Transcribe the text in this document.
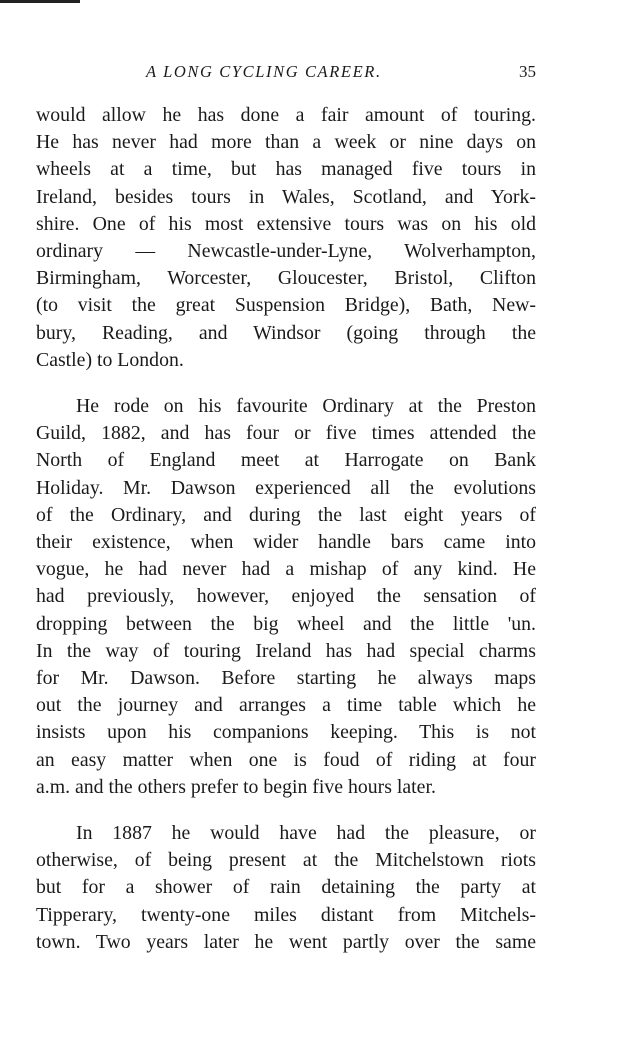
A LONG CYCLING CAREER.	35

would allow he has done a fair amount of touring.
He has never had more than a week or nine days on
wheels at a time, but has managed five tours in
Ireland, besides tours in Wales, Scotland, and York-
shire. One of his most extensive tours was on his old
ordinary — Newcastle-under-Lyne, Wolverhampton,
Birmingham, Worcester, Gloucester, Bristol, Clifton
(to visit the great Suspension Bridge), Bath, New-
bury, Reading, and Windsor (going through the
Castle) to London.

He rode on his favourite Ordinary at the Preston
Guild, 1882, and has four or five times attended the
North of England meet at Harrogate on Bank
Holiday. Mr. Dawson experienced all the evolutions
of the Ordinary, and during the last eight years of
their existence, when wider handle bars came into
vogue, he had never had a mishap of any kind. He
had previously, however, enjoyed the sensation of
dropping between the big wheel and the little 'un.
In the way of touring Ireland has had special charms
for Mr. Dawson. Before starting he always maps
out the journey and arranges a time table which he
insists upon his companions keeping. This is not
an easy matter when one is foud of riding at four
a.m. and the others prefer to begin five hours later.

In 1887 he would have had the pleasure, or
otherwise, of being present at the Mitchelstown riots
but for a shower of rain detaining the party at
Tipperary, twenty-one miles distant from Mitchels-
town. Two years later he went partly over the same
